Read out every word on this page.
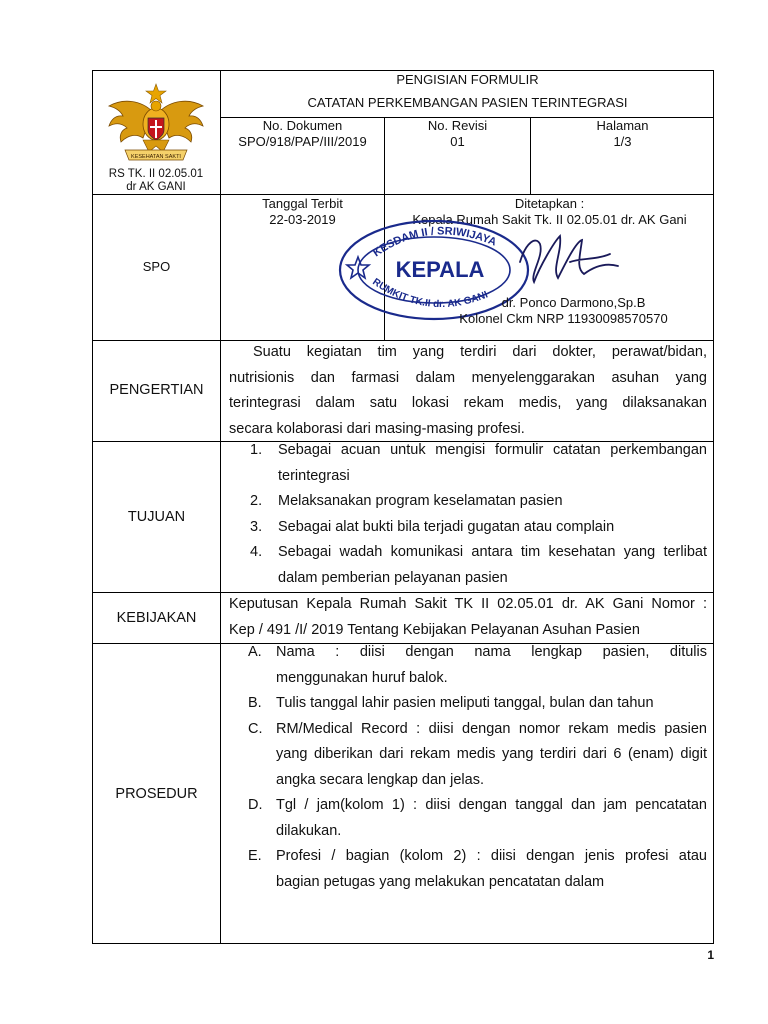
KESEHATAN SAKTI
RS TK. II 02.05.01
dr AK GANI
PENGISIAN FORMULIR
CATATAN PERKEMBANGAN PASIEN TERINTEGRASI
No. Dokumen
SPO/918/PAP/III/2019
No. Revisi
01
Halaman
1/3
SPO
Tanggal Terbit
22-03-2019
Ditetapkan :
Kepala Rumah Sakit Tk. II 02.05.01 dr. AK Gani
KESDAM II / SRIWIJAYA
KEPALA
RUMKIT TK.II dr. AK GANI dr. Ponco Darmono,Sp.B
Kolonel Ckm NRP 11930098570570
PENGERTIAN
Suatu kegiatan tim yang terdiri dari dokter, perawat/bidan,
nutrisionis dan farmasi dalam menyelenggarakan asuhan yang
terintegrasi dalam satu lokasi rekam medis, yang dilaksanakan
secara kolaborasi dari masing-masing profesi.
TUJUAN
1. Sebagai acuan untuk mengisi formulir catatan perkembangan
terintegrasi
2. Melaksanakan program keselamatan pasien
3. Sebagai alat bukti bila terjadi gugatan atau complain
4. Sebagai wadah komunikasi antara tim kesehatan yang terlibat
dalam pemberian pelayanan pasien
KEBIJAKAN
Keputusan Kepala Rumah Sakit TK II 02.05.01 dr. AK Gani Nomor :
Kep / 491 /I/ 2019 Tentang Kebijakan Pelayanan Asuhan Pasien
PROSEDUR
A. Nama : diisi dengan nama lengkap pasien, ditulis
menggunakan huruf balok.
B. Tulis tanggal lahir pasien meliputi tanggal, bulan dan tahun
C. RM/Medical Record : diisi dengan nomor rekam medis pasien
yang diberikan dari rekam medis yang terdiri dari 6 (enam) digit
angka secara lengkap dan jelas.
D. Tgl / jam(kolom 1) : diisi dengan tanggal dan jam pencatatan
dilakukan.
E. Profesi / bagian (kolom 2) : diisi dengan jenis profesi atau
bagian petugas yang melakukan pencatatan dalam
1
